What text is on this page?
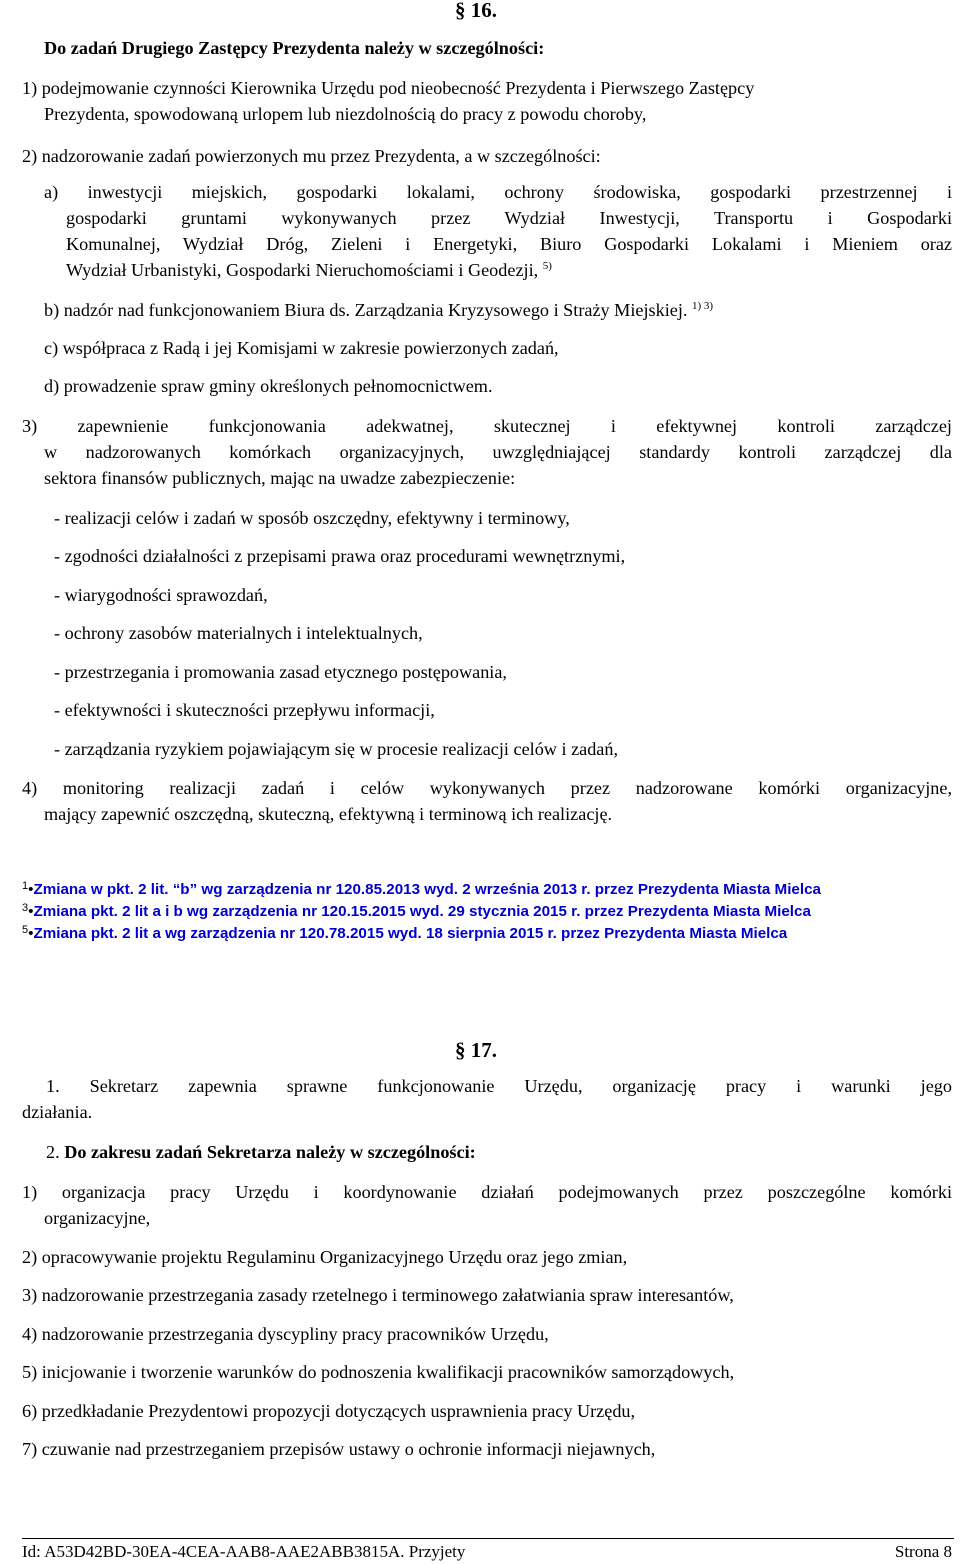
§ 16.
Do zadań Drugiego Zastępcy Prezydenta należy w szczególności:
1) podejmowanie czynności Kierownika Urzędu pod nieobecność Prezydenta i Pierwszego Zastępcy
Prezydenta, spowodowaną urlopem lub niezdolnością do pracy z powodu choroby,
2) nadzorowanie zadań powierzonych mu przez Prezydenta, a w szczególności:
a) inwestycji miejskich, gospodarki lokalami, ochrony środowiska, gospodarki przestrzennej i
gospodarki gruntami wykonywanych przez Wydział Inwestycji, Transportu i Gospodarki
Komunalnej, Wydział Dróg, Zieleni i Energetyki, Biuro Gospodarki Lokalami i Mieniem oraz
Wydział Urbanistyki, Gospodarki Nieruchomościami i Geodezji, $^{5)}$
b) nadzór nad funkcjonowaniem Biura ds. Zarządzania Kryzysowego i Straży Miejskiej. $^{1) 3)}$
c) współpraca z Radą i jej Komisjami w zakresie powierzonych zadań,
d) prowadzenie spraw gminy określonych pełnomocnictwem.
3) zapewnienie funkcjonowania adekwatnej, skutecznej i efektywnej kontroli zarządczej
w nadzorowanych komórkach organizacyjnych, uwzględniającej standardy kontroli zarządczej dla
sektora finansów publicznych, mając na uwadze zabezpieczenie:
- realizacji celów i zadań w sposób oszczędny, efektywny i terminowy,
- zgodności działalności z przepisami prawa oraz procedurami wewnętrznymi,
- wiarygodności sprawozdań,
- ochrony zasobów materialnych i intelektualnych,
- przestrzegania i promowania zasad etycznego postępowania,
- efektywności i skuteczności przepływu informacji,
- zarządzania ryzykiem pojawiającym się w procesie realizacji celów i zadań,
4) monitoring realizacji zadań i celów wykonywanych przez nadzorowane komórki organizacyjne,
mający zapewnić oszczędną, skuteczną, efektywną i terminową ich realizację.
$^1$•Zmiana w pkt. 2 lit. “b” wg zarządzenia nr 120.85.2013 wyd. 2 września 2013 r. przez Prezydenta Miasta Mielca
$^3$•Zmiana pkt. 2 lit a i b wg zarządzenia nr 120.15.2015 wyd. 29 stycznia 2015 r. przez Prezydenta Miasta Mielca
$^5$•Zmiana pkt. 2 lit a wg zarządzenia nr 120.78.2015 wyd. 18 sierpnia 2015 r. przez Prezydenta Miasta Mielca
§ 17.
1. Sekretarz zapewnia sprawne funkcjonowanie Urzędu, organizację pracy i warunki jego
działania.
2. Do zakresu zadań Sekretarza należy w szczególności:
1) organizacja pracy Urzędu i koordynowanie działań podejmowanych przez poszczególne komórki
organizacyjne,
2) opracowywanie projektu Regulaminu Organizacyjnego Urzędu oraz jego zmian,
3) nadzorowanie przestrzegania zasady rzetelnego i terminowego załatwiania spraw interesantów,
4) nadzorowanie przestrzegania dyscypliny pracy pracowników Urzędu,
5) inicjowanie i tworzenie warunków do podnoszenia kwalifikacji pracowników samorządowych,
6) przedkładanie Prezydentowi propozycji dotyczących usprawnienia pracy Urzędu,
7) czuwanie nad przestrzeganiem przepisów ustawy o ochronie informacji niejawnych,
Id: A53D42BD-30EA-4CEA-AAB8-AAE2ABB3815A. Przyjety	Strona 8
